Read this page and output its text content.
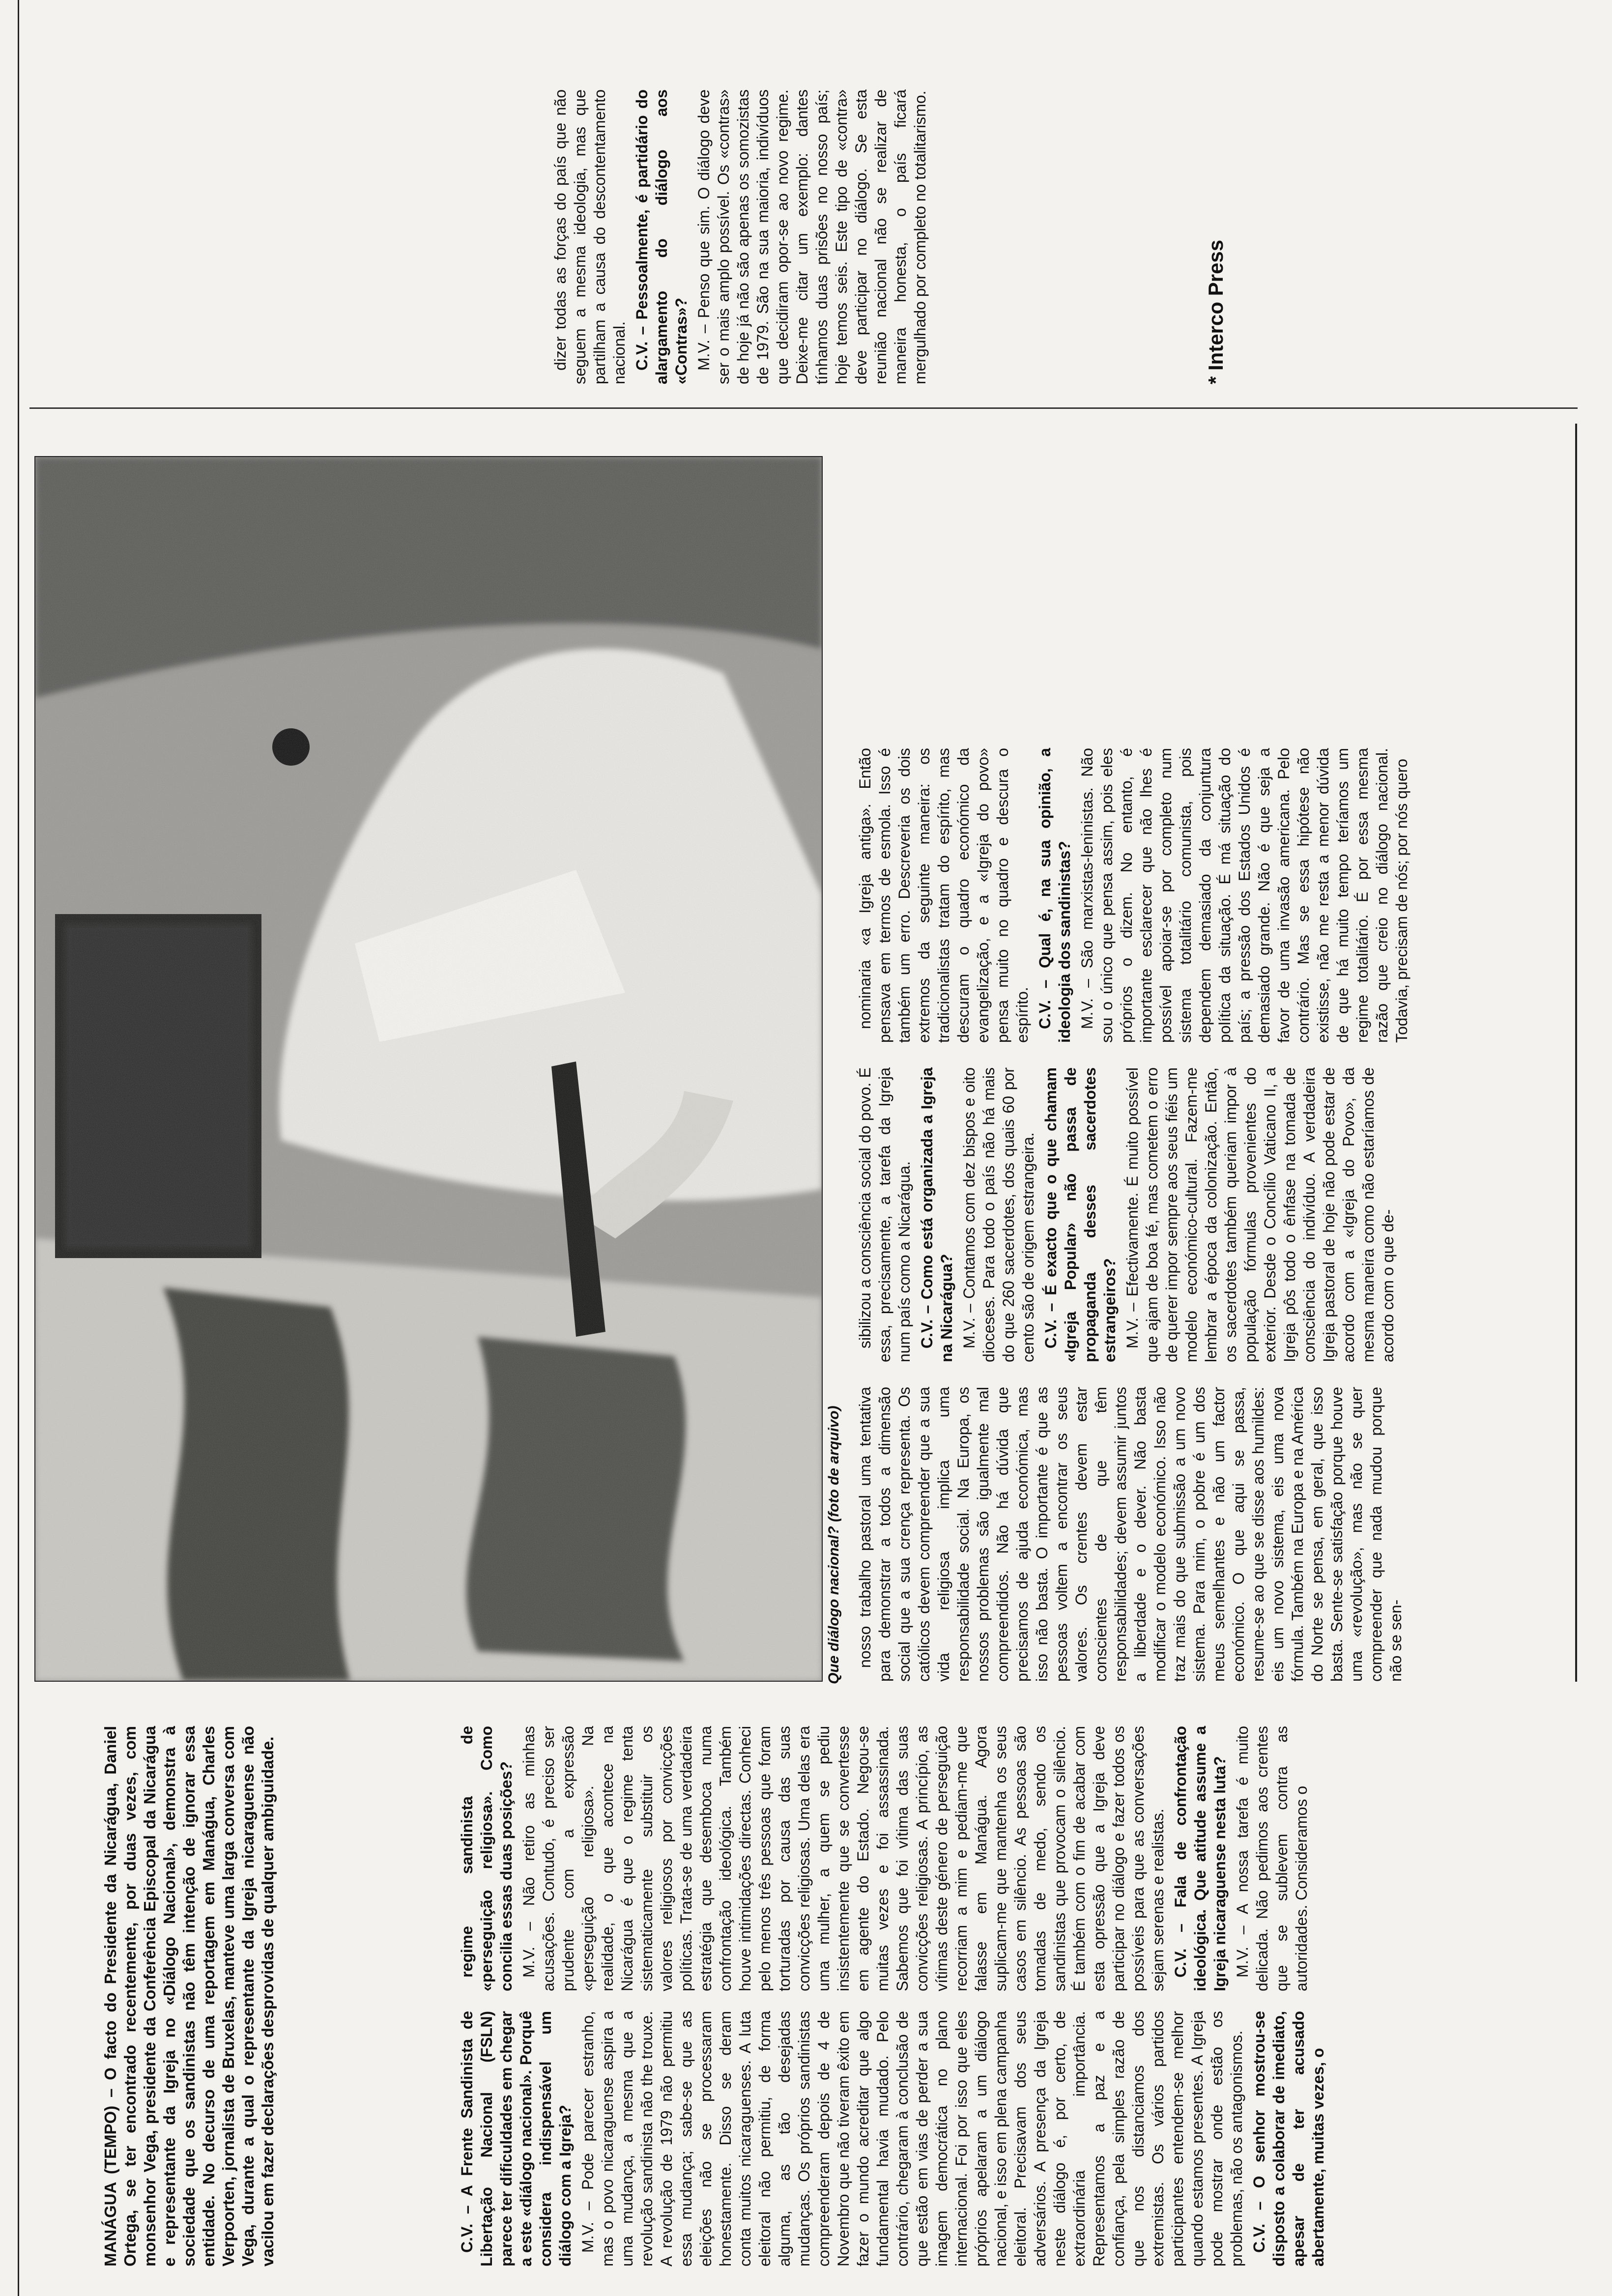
MANÁGUA (TEMPO) – O facto do Presidente da Nicarágua, Daniel Ortega, se ter encontrado recentemente, por duas vezes, com monsenhor Vega, presidente da Conferência Episcopal da Nicarágua e representante da Igreja no «Diálogo Nacional», demonstra à sociedade que os sandinistas não têm intenção de ignorar essa entidade. No decurso de uma reportagem em Manágua, Charles Verpoorten, jornalista de Bruxelas, manteve uma larga conversa com Vega, durante a qual o representante da Igreja nicaraguense não vacilou em fazer declarações desprovidas de qualquer ambiguidade.	C.V. – A Frente Sandinista de Libertação Nacional (FSLN) parece ter dificuldades em chegar a este «diálogo nacional». Porquê considera indispensável um diálogo com a Igreja? M.V. – Pode parecer estranho, mas o povo nicaraguense aspira a uma mudança, a mesma que a revolução sandinista não the trouxe. A revolução de 1979 não permitiu essa mudança; sabe-se que as eleições não se processaram honestamente. Disso se deram conta muitos nicaraguenses. A luta eleitoral não permitiu, de forma alguma, as tão desejadas mudanças. Os próprios sandinistas compreenderam depois de 4 de Novembro que não tiveram êxito em fazer o mundo acreditar que algo fundamental havia mudado. Pelo contrário, chegaram à conclusão de que estão em vias de perder a sua imagem democrática no plano internacional. Foi por isso que eles próprios apelaram a um diálogo nacional, e isso em plena campanha eleitoral. Precisavam dos seus adversários. A presença da Igreja neste diálogo é, por certo, de extraordinária importância. Representamos a paz e a confiança, pela simples razão de que nos distanciamos dos extremistas. Os vários partidos participantes entendem-se melhor quando estamos presentes. A Igreja pode mostrar onde estão os problemas, não os antagonismos. C.V. – O senhor mostrou-se disposto a colaborar de imediato, apesar de ter acusado abertamente, muitas vezes, o

regime sandinista de «perseguição religiosa». Como concilia essas duas posições? M.V. – Não retiro as minhas acusações. Contudo, é preciso ser prudente com a expressão «perseguição religiosa». Na realidade, o que acontece na Nicarágua é que o regime tenta sistematicamente substituir os valores religiosos por convicções políticas. Trata-se de uma verdadeira estratégia que desemboca numa confrontação ideológica. Também houve intimidações directas. Conheci pelo menos três pessoas que foram torturadas por causa das suas convicções religiosas. Uma delas era uma mulher, a quem se pediu insistentemente que se convertesse em agente do Estado. Negou-se muitas vezes e foi assassinada. Sabemos que foi vítima das suas convicções religiosas. A princípio, as vítimas deste género de perseguição recorriam a mim e pediam-me que falasse em Manágua. Agora suplicam-me que mantenha os seus casos em silêncio. As pessoas são tomadas de medo, sendo os sandinistas que provocam o silêncio. É também com o fim de acabar com esta opressão que a Igreja deve participar no diálogo e fazer todos os possíveis para que as conversações sejam serenas e realistas. C.V. – Fala de confrontação ideológica. Que atitude assume a Igreja nicaraguense nesta luta? M.V. – A nossa tarefa é muito delicada. Não pedimos aos crentes que se sublevem contra as autoridades. Consideramos o

Que diálogo nacional? (foto de arquivo) nosso trabalho pastoral uma tentativa para demonstrar a todos a dimensão social que a sua crença representa. Os católicos devem compreender que a sua vida religiosa implica uma responsabilidade social. Na Europa, os nossos problemas são igualmente mal compreendidos. Não há dúvida que precisamos de ajuda económica, mas isso não basta. O importante é que as pessoas voltem a encontrar os seus valores. Os crentes devem estar conscientes de que têm responsabilidades; devem assumir juntos a liberdade e o dever. Não basta modificar o modelo económico. Isso não traz mais do que submissão a um novo sistema. Para mim, o pobre é um dos meus semelhantes e não um factor económico. O que aqui se passa, resume-se ao que se disse aos humildes: eis um novo sistema, eis uma nova fórmula. Também na Europa e na América do Norte se pensa, em geral, que isso basta. Sente-se satisfação porque houve uma «revolução», mas não se quer compreender que nada mudou porque não se sen-

sibilizou a consciência social do povo. É essa, precisamente, a tarefa da Igreja num país como a Nicarágua. C.V. – Como está organizada a Igreja na Nicarágua? M.V. – Contamos com dez bispos e oito dioceses. Para todo o país não há mais do que 260 sacerdotes, dos quais 60 por cento são de origem estrangeira. C.V. – É exacto que o que chamam «Igreja Popular» não passa de propaganda desses sacerdotes estrangeiros? M.V. – Efectivamente. É muito possível que ajam de boa fé, mas cometem o erro de querer impor sempre aos seus fiéis um modelo económico-cultural. Fazem-me lembrar a época da colonização. Então, os sacerdotes também queriam impor à população fórmulas provenientes do exterior. Desde o Concílio Vaticano II, a Igreja pôs todo o ênfase na tomada de consciência do indivíduo. A verdadeira Igreja pastoral de hoje não pode estar de acordo com a «Igreja do Povo», da mesma maneira como não estaríamos de acordo com o que de-

nominaria «a Igreja antiga». Então pensava em termos de esmola. Isso é também um erro. Descreveria os dois extremos da seguinte maneira: os tradicionalistas tratam do espírito, mas descuram o quadro económico da evangelização, e a «Igreja do povo» pensa muito no quadro e descura o espírito. C.V. – Qual é, na sua opinião, a ideologia dos sandinistas? M.V. – São marxistas-leninistas. Não sou o único que pensa assim, pois eles próprios o dizem. No entanto, é importante esclarecer que não lhes é possível apoiar-se por completo num sistema totalitário comunista, pois dependem demasiado da conjuntura política da situação. É má situação do país; a pressão dos Estados Unidos é demasiado grande. Não é que seja a favor de uma invasão americana. Pelo contrário. Mas se essa hipótese não existisse, não me resta a menor dúvida de que há muito tempo teríamos um regime totalitário. É por essa mesma razão que creio no diálogo nacional. Todavia, precisam de nós; por nós quero

dizer todas as forças do país que não seguem a mesma ideologia, mas que partilham a causa do descontentamento nacional. C.V. – Pessoalmente, é partidário do alargamento do diálogo aos «Contras»? M.V. – Penso que sim. O diálogo deve ser o mais amplo possível. Os «contras» de hoje já não são apenas os somozistas de 1979. São na sua maioria, indivíduos que decidiram opor-se ao novo regime. Deixe-me citar um exemplo: dantes tínhamos duas prisões no nosso país; hoje temos seis. Este tipo de «contra» deve participar no diálogo. Se esta reunião nacional não se realizar de maneira honesta, o país ficará mergulhado por completo no totalitarismo.	* Interco Press
